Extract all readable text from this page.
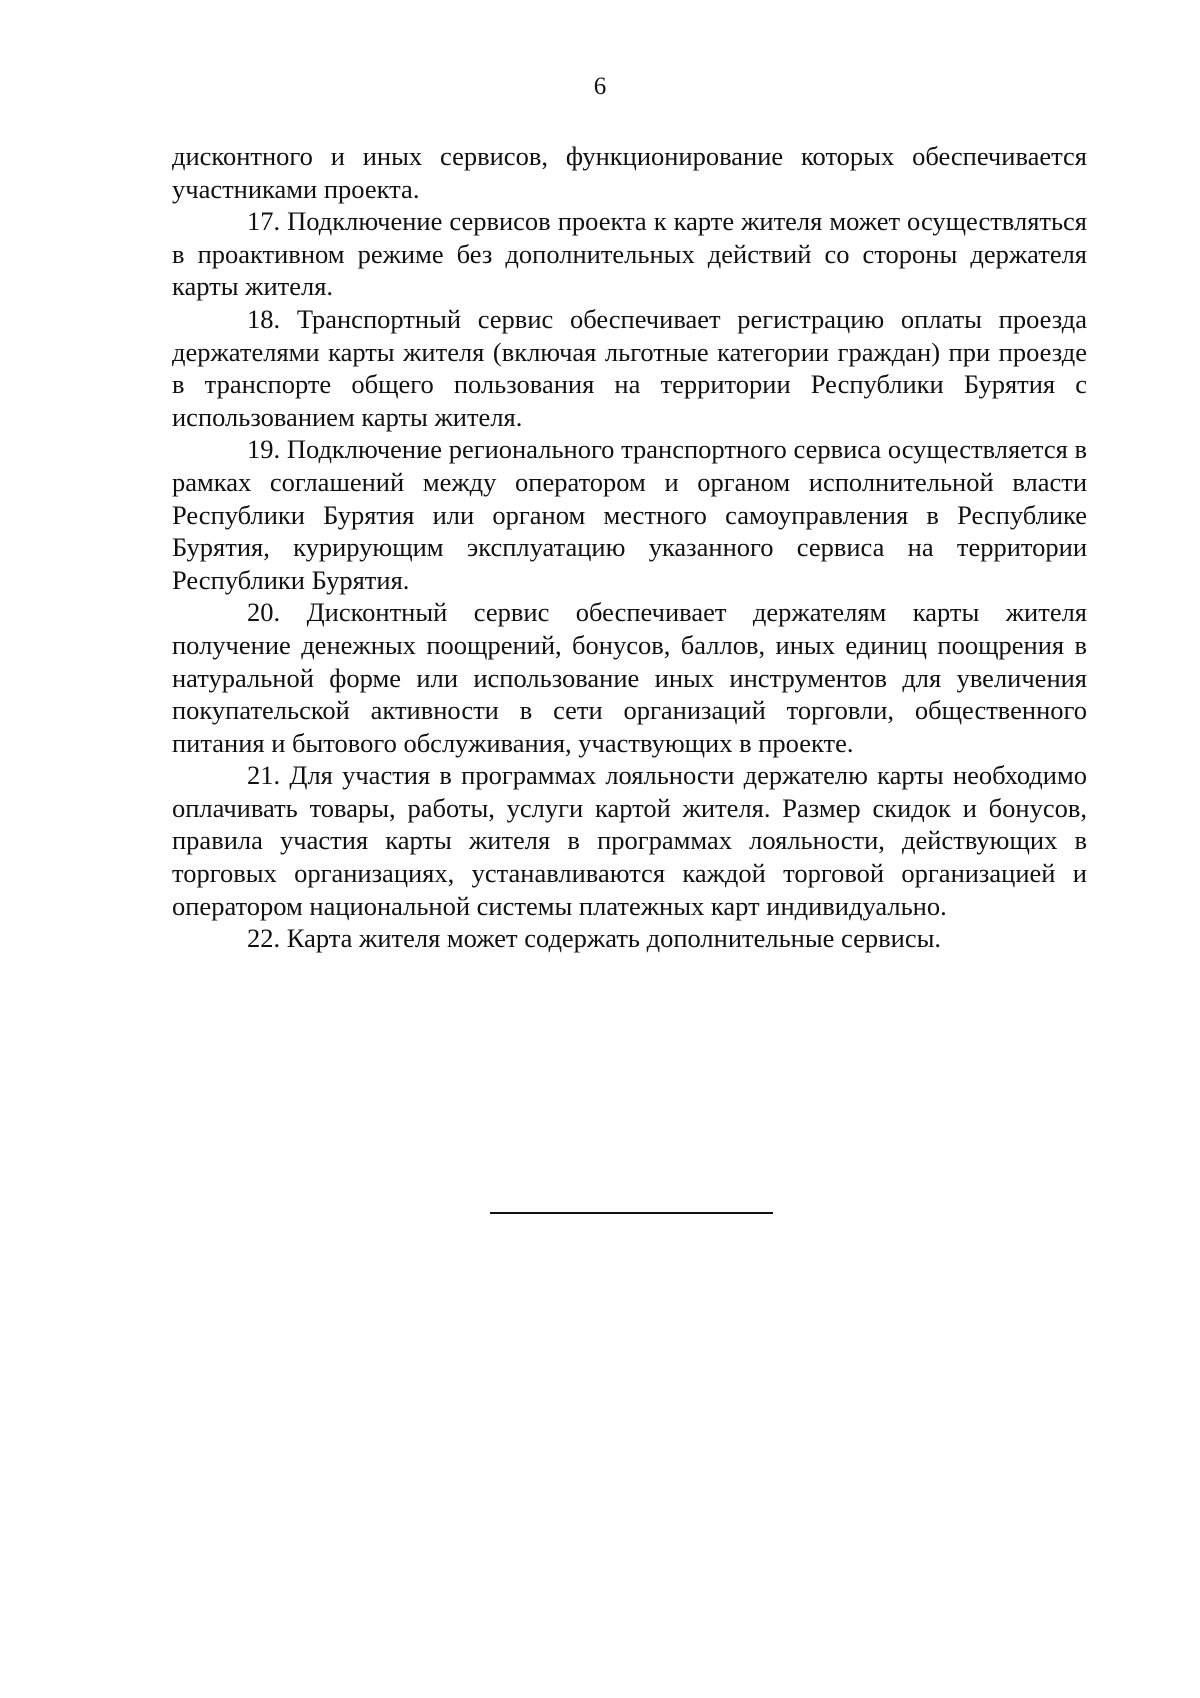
6

дисконтного и иных сервисов, функционирование которых обеспечивается участниками проекта.

17. Подключение сервисов проекта к карте жителя может осуществляться в проактивном режиме без дополнительных действий со стороны держателя карты жителя.

18. Транспортный сервис обеспечивает регистрацию оплаты проезда держателями карты жителя (включая льготные категории граждан) при проезде в транспорте общего пользования на территории Республики Бурятия с использованием карты жителя.

19. Подключение регионального транспортного сервиса осуществляется в рамках соглашений между оператором и органом исполнительной власти Республики Бурятия или органом местного самоуправления в Республике Бурятия, курирующим эксплуатацию указанного сервиса на территории Республики Бурятия.

20. Дисконтный сервис обеспечивает держателям карты жителя получение денежных поощрений, бонусов, баллов, иных единиц поощрения в натуральной форме или использование иных инструментов для увеличения покупательской активности в сети организаций торговли, общественного питания и бытового обслуживания, участвующих в проекте.

21. Для участия в программах лояльности держателю карты необходимо оплачивать товары, работы, услуги картой жителя. Размер скидок и бонусов, правила участия карты жителя в программах лояльности, действующих в торговых организациях, устанавливаются каждой торговой организацией и оператором национальной системы платежных карт индивидуально.

22. Карта жителя может содержать дополнительные сервисы.
